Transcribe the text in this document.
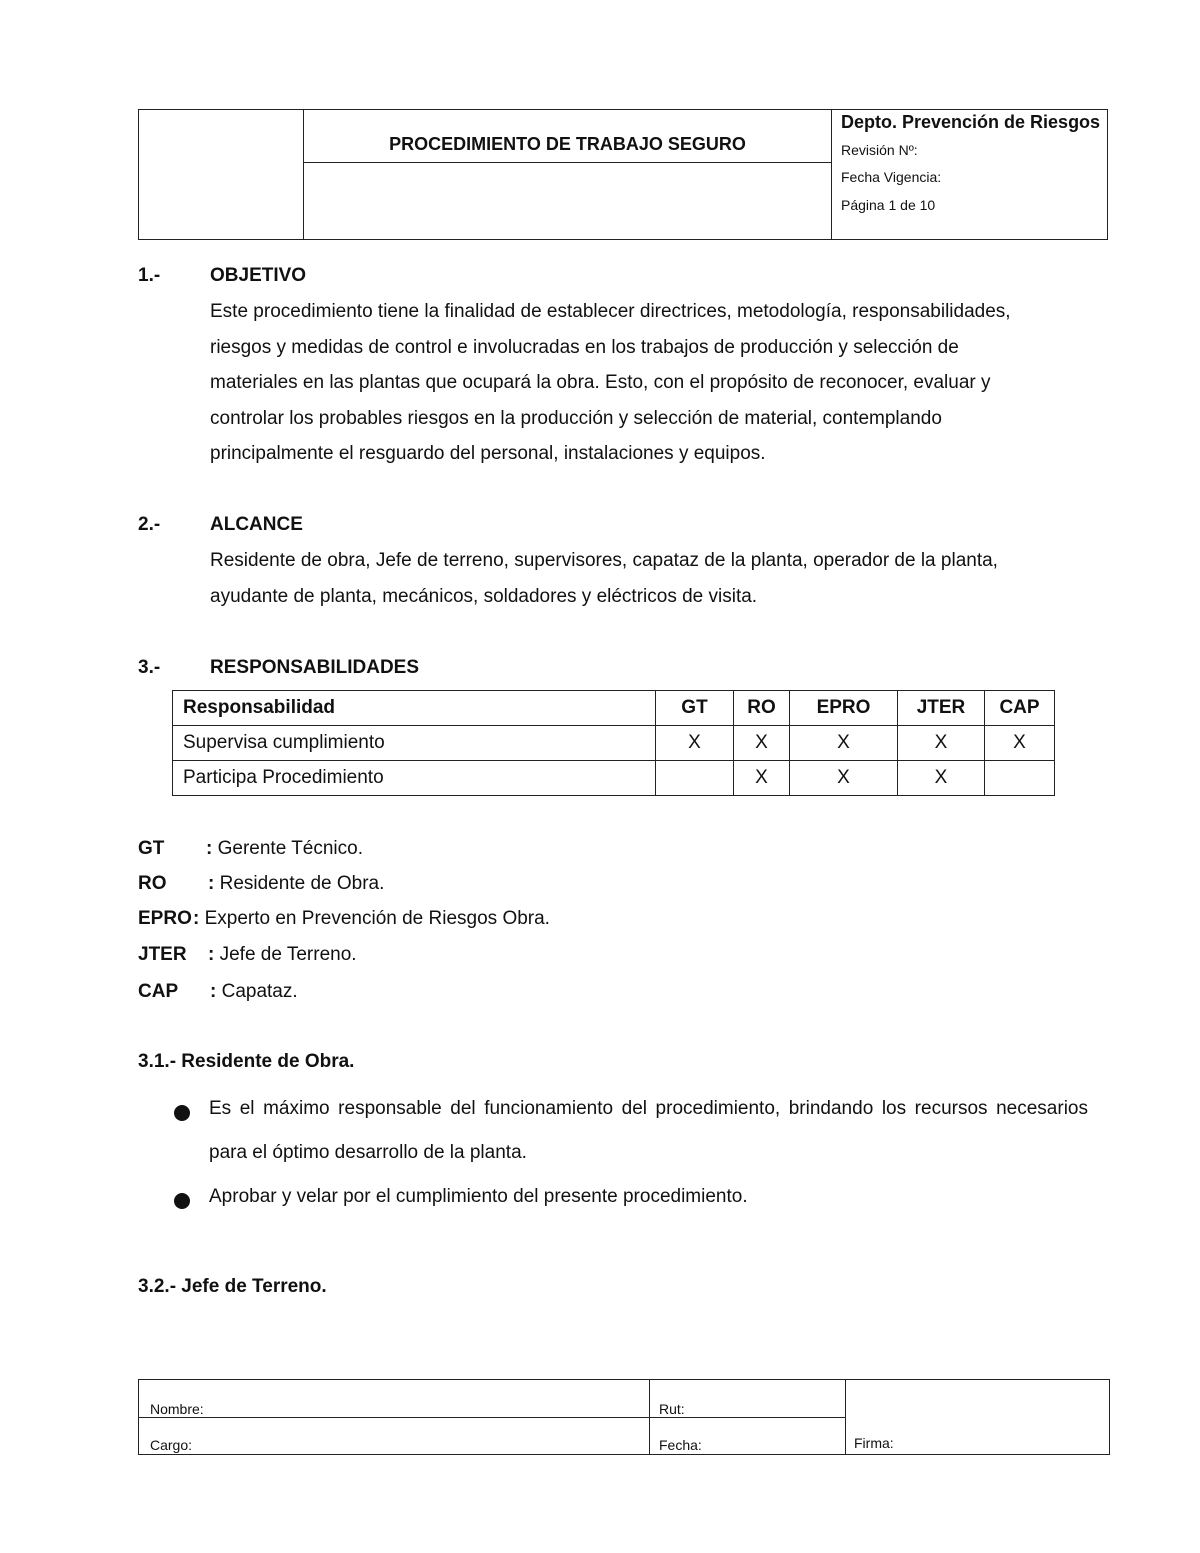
PROCEDIMIENTO DE TRABAJO SEGURO
Depto. Prevención de Riesgos
Revisión Nº:
Fecha Vigencia:
Página 1 de 10
1.-	OBJETIVO
Este procedimiento tiene la finalidad de establecer directrices, metodología, responsabilidades,
riesgos y medidas de control e involucradas en los trabajos de producción y selección de
materiales en las plantas que ocupará la obra. Esto, con el propósito de reconocer, evaluar y
controlar los probables riesgos en la producción y selección de material, contemplando
principalmente el resguardo del personal, instalaciones y equipos.
2.-	ALCANCE
Residente de obra, Jefe de terreno, supervisores, capataz de la planta, operador de la planta,
ayudante de planta, mecánicos, soldadores y eléctricos de visita.
3.-	RESPONSABILIDADES
Responsabilidad	GT	RO	EPRO	JTER	CAP
Supervisa cumplimiento	X	X	X	X	X
Participa Procedimiento		X	X	X	
GT : Gerente Técnico.
RO : Residente de Obra.
EPRO : Experto en Prevención de Riesgos Obra.
JTER : Jefe de Terreno.
CAP : Capataz.
3.1.- Residente de Obra.
Es el máximo responsable del funcionamiento del procedimiento, brindando los recursos necesarios para el óptimo desarrollo de la planta.
Aprobar y velar por el cumplimiento del presente procedimiento.
3.2.- Jefe de Terreno.
Nombre:	Rut:
Cargo:	Fecha:	Firma:
